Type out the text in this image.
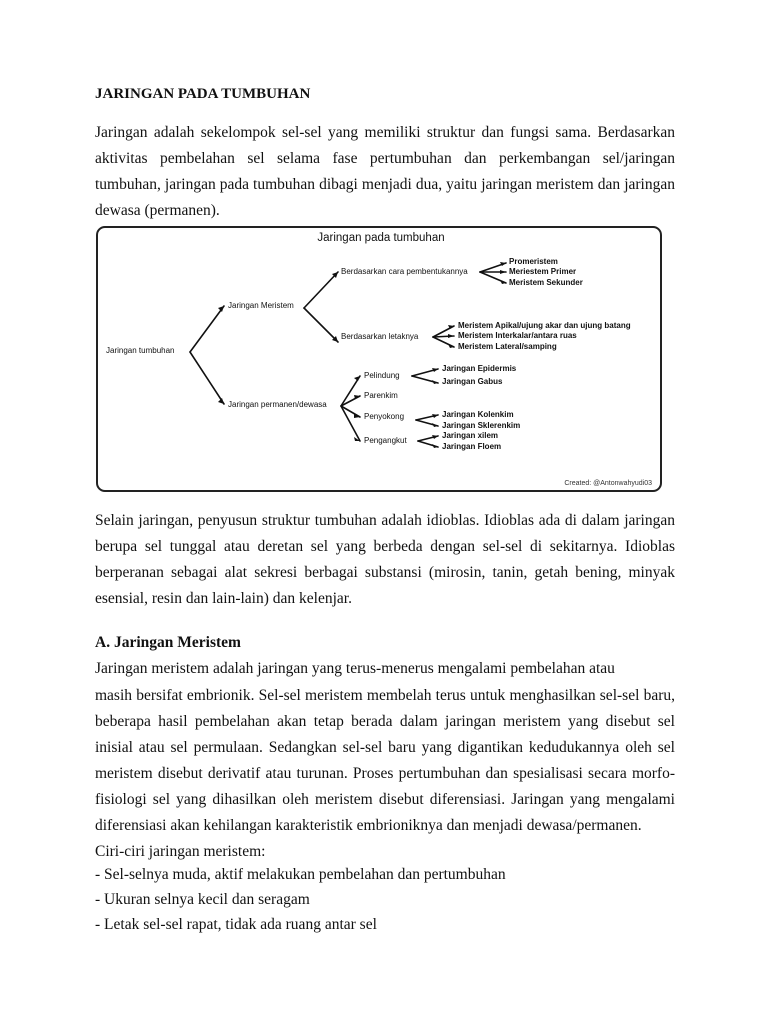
JARINGAN PADA TUMBUHAN

Jaringan adalah sekelompok sel-sel yang memiliki struktur dan fungsi sama. Berdasarkan aktivitas pembelahan sel selama fase pertumbuhan dan perkembangan sel/jaringan tumbuhan, jaringan pada tumbuhan dibagi menjadi dua, yaitu jaringan meristem dan jaringan dewasa (permanen).

Jaringan pada tumbuhan
Jaringan tumbuhan
Jaringan Meristem
Jaringan permanen/dewasa
Berdasarkan cara pembentukannya
Berdasarkan letaknya
Promeristem
Meriestem Primer
Meristem Sekunder
Meristem Apikal/ujung akar dan ujung batang
Meristem Interkalar/antara ruas
Meristem Lateral/samping
Pelindung
Parenkim
Penyokong
Pengangkut
Jaringan Epidermis
Jaringan Gabus
Jaringan Kolenkim
Jaringan Sklerenkim
Jaringan xilem
Jaringan Floem
Created: @Antonwahyudi03

Selain jaringan, penyusun struktur tumbuhan adalah idioblas. Idioblas ada di dalam jaringan berupa sel tunggal atau deretan sel yang berbeda dengan sel-sel di sekitarnya. Idioblas berperanan sebagai alat sekresi berbagai substansi (mirosin, tanin, getah bening, minyak esensial, resin dan lain-lain) dan kelenjar.

A. Jaringan Meristem
Jaringan meristem adalah jaringan yang terus-menerus mengalami pembelahan atau

masih bersifat embrionik. Sel-sel meristem membelah terus untuk menghasilkan sel-sel baru, beberapa hasil pembelahan akan tetap berada dalam jaringan meristem yang disebut sel inisial atau sel permulaan. Sedangkan sel-sel baru yang digantikan kedudukannya oleh sel meristem disebut derivatif atau turunan. Proses pertumbuhan dan spesialisasi secara morfo-fisiologi sel yang dihasilkan oleh meristem disebut diferensiasi. Jaringan yang mengalami diferensiasi akan kehilangan karakteristik embrioniknya dan menjadi dewasa/permanen.

Ciri-ciri jaringan meristem:
- Sel-selnya muda, aktif melakukan pembelahan dan pertumbuhan
- Ukuran selnya kecil dan seragam
- Letak sel-sel rapat, tidak ada ruang antar sel
